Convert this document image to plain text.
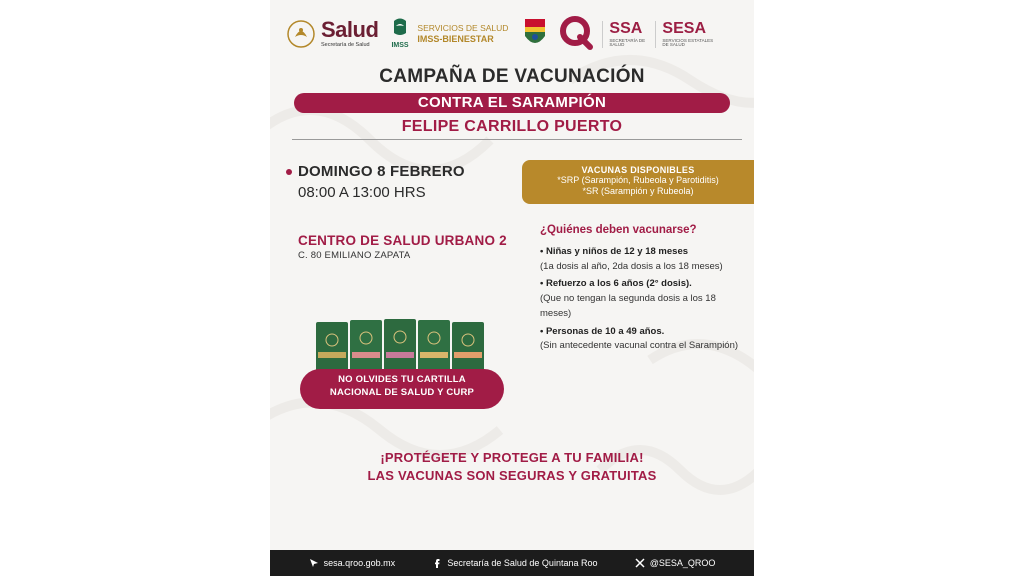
Salud
Secretaría de Salud	IMSS
SERVICIOS DE SALUD
IMSS-BIENESTAR
SSA
SECRETARÍA DE SALUD
SESA
SERVICIOS ESTATALES DE SALUD
CAMPAÑA DE VACUNACIÓN
CONTRA EL SARAMPIÓN
FELIPE CARRILLO PUERTO
DOMINGO 8 FEBRERO
08:00 A 13:00 HRS
VACUNAS DISPONIBLES
*SRP (Sarampión, Rubeola y Parotiditis)
*SR (Sarampión y Rubeola)
CENTRO DE SALUD URBANO 2
C. 80 EMILIANO ZAPATA
¿Quiénes deben vacunarse?
• Niñas y niños de 12 y 18 meses
(1a dosis al año, 2da dosis a los 18 meses)
• Refuerzo a los 6 años (2° dosis).
(Que no tengan la segunda dosis a los 18 meses)
• Personas de 10 a 49 años.
(Sin antecedente vacunal contra el Sarampión)
NO OLVIDES TU CARTILLA
NACIONAL DE SALUD Y CURP
¡PROTÉGETE Y PROTEGE A TU FAMILIA!
LAS VACUNAS SON SEGURAS Y GRATUITAS
sesa.qroo.gob.mx	Secretaría de Salud de Quintana Roo	@SESA_QROO
